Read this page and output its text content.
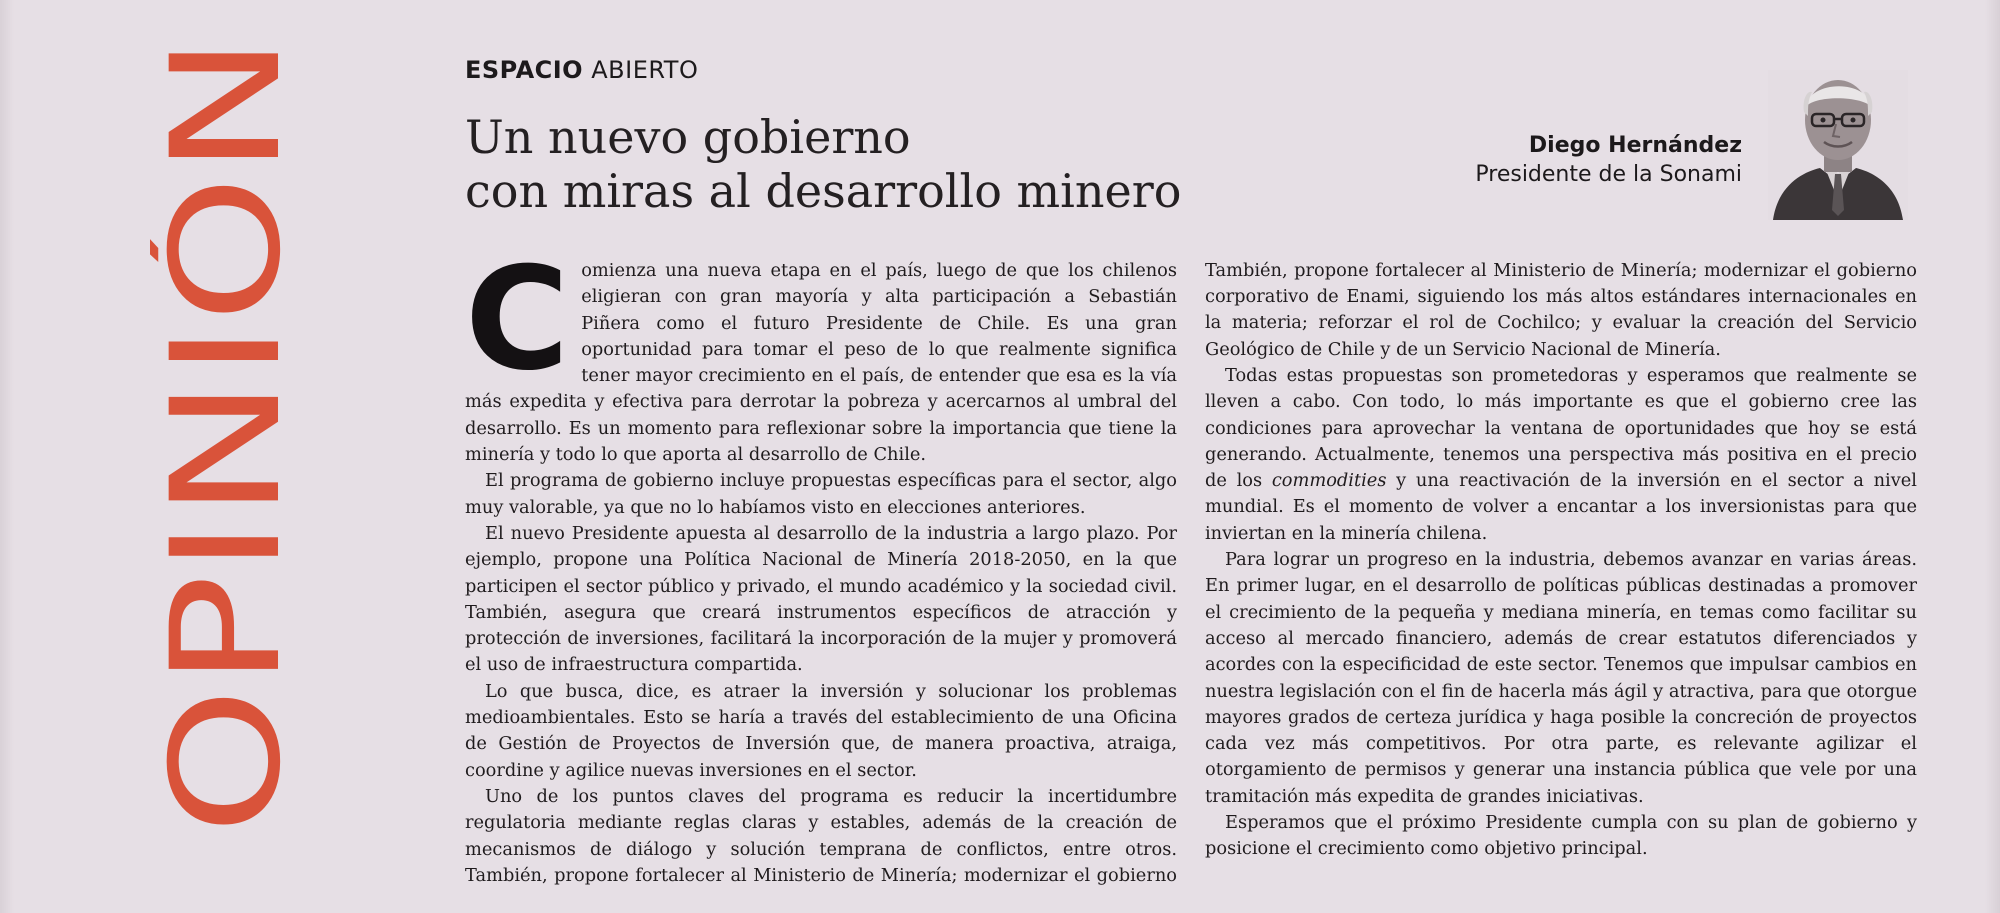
OPINIÓN
ESPACIO ABIERTO
Un nuevo gobierno
con miras al desarrollo minero
Diego Hernández
Presidente de la Sonami

Comienza una nueva etapa en el país, luego de que los chilenos eligieran con gran mayoría y alta participación a Sebastián Piñera como el futuro Presidente de Chile. Es una gran oportunidad para tomar el peso de lo que realmente significa tener mayor crecimiento en el país, de entender que esa es la vía más expedita y efectiva para derrotar la pobreza y acercarnos al umbral del desarrollo. Es un momento para reflexionar sobre la importancia que tiene la minería y todo lo que aporta al desarrollo de Chile.

El programa de gobierno incluye propuestas específicas para el sector, algo muy valorable, ya que no lo habíamos visto en elecciones anteriores.

El nuevo Presidente apuesta al desarrollo de la industria a largo plazo. Por ejemplo, propone una Política Nacional de Minería 2018-2050, en la que participen el sector público y privado, el mundo académico y la sociedad civil. También, asegura que creará instrumentos específicos de atracción y protección de inversiones, facilitará la incorporación de la mujer y promoverá el uso de infraestructura compartida.

Lo que busca, dice, es atraer la inversión y solucionar los problemas medioambientales. Esto se haría a través del establecimiento de una Oficina de Gestión de Proyectos de Inversión que, de manera proactiva, atraiga, coordine y agilice nuevas inversiones en el sector.

Uno de los puntos claves del programa es reducir la incertidumbre regulatoria mediante reglas claras y estables, además de la creación de mecanismos de diálogo y solución temprana de conflictos, entre otros. También, propone fortalecer al Ministerio de Minería; modernizar el gobierno

También, propone fortalecer al Ministerio de Minería; modernizar el gobierno corporativo de Enami, siguiendo los más altos estándares internacionales en la materia; reforzar el rol de Cochilco; y evaluar la creación del Servicio Geológico de Chile y de un Servicio Nacional de Minería.

Todas estas propuestas son prometedoras y esperamos que realmente se lleven a cabo. Con todo, lo más importante es que el gobierno cree las condiciones para aprovechar la ventana de oportunidades que hoy se está generando. Actualmente, tenemos una perspectiva más positiva en el precio de los commodities y una reactivación de la inversión en el sector a nivel mundial. Es el momento de volver a encantar a los inversionistas para que inviertan en la minería chilena.

Para lograr un progreso en la industria, debemos avanzar en varias áreas. En primer lugar, en el desarrollo de políticas públicas destinadas a promover el crecimiento de la pequeña y mediana minería, en temas como facilitar su acceso al mercado financiero, además de crear estatutos diferenciados y acordes con la especificidad de este sector. Tenemos que impulsar cambios en nuestra legislación con el fin de hacerla más ágil y atractiva, para que otorgue mayores grados de certeza jurídica y haga posible la concreción de proyectos cada vez más competitivos. Por otra parte, es relevante agilizar el otorgamiento de permisos y generar una instancia pública que vele por una tramitación más expedita de grandes iniciativas.

Esperamos que el próximo Presidente cumpla con su plan de gobierno y posicione el crecimiento como objetivo principal.
